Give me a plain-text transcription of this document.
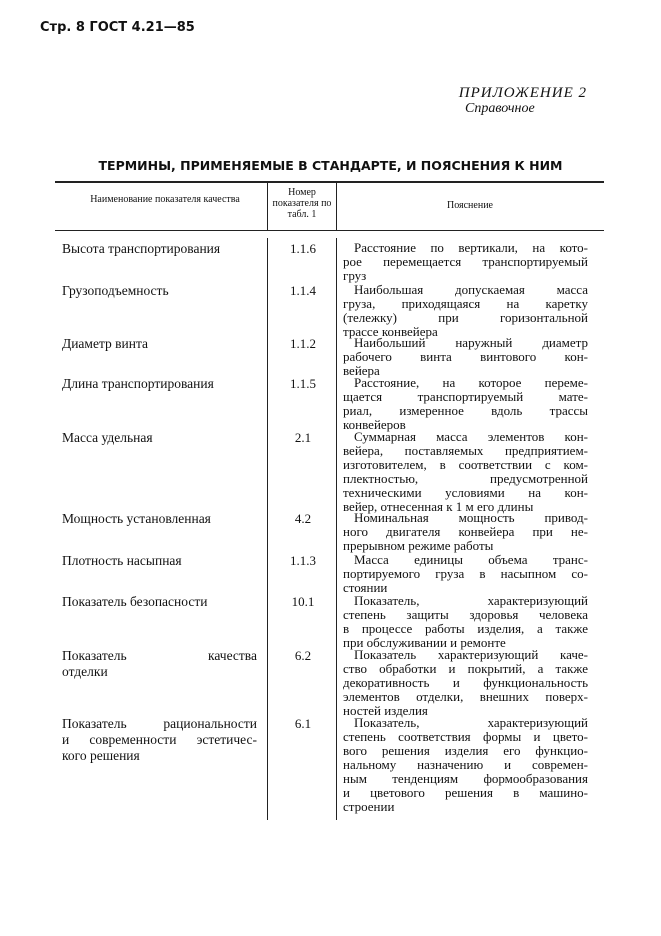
Стр. 8 ГОСТ 4.21—85
ПРИЛОЖЕНИЕ 2
Справочное
ТЕРМИНЫ, ПРИМЕНЯЕМЫЕ В СТАНДАРТЕ, И ПОЯСНЕНИЯ К НИМ
Наименование показателя качества
Номер показателя по табл. 1
Пояснение
Высота транспортирования	1.1.6	Расстояние по вертикали, на кото-
рое перемещается транспортируемый
груз
Грузоподъемность	1.1.4	Наибольшая допускаемая масса
груза, приходящаяся на каретку
(тележку) при горизонтальной
трассе конвейера
Диаметр винта	1.1.2	Наибольший наружный диаметр
рабочего винта винтового кон-
вейера
Длина транспортирования	1.1.5	Расстояние, на которое переме-
щается транспортируемый мате-
риал, измеренное вдоль трассы
конвейеров
Масса удельная	2.1	Суммарная масса элементов кон-
вейера, поставляемых предприятием-
изготовителем, в соответствии с ком-
плектностью, предусмотренной
техническими условиями на кон-
вейер, отнесенная к 1 м его длины
Мощность установленная	4.2	Номинальная мощность привод-
ного двигателя конвейера при не-
прерывном режиме работы
Плотность насыпная	1.1.3	Масса единицы объема транс-
портируемого груза в насыпном со-
стоянии
Показатель безопасности	10.1	Показатель, характеризующий
степень защиты здоровья человека
в процессе работы изделия, а также
при обслуживании и ремонте
Показатель качества
отделки
6.2	Показатель характеризующий каче-
ство обработки и покрытий, а также
декоративность и функциональность
элементов отделки, внешних поверх-
ностей изделия
Показатель рациональности
и современности эстетичес-
кого решения
6.1	Показатель, характеризующий
степень соответствия формы и цвето-
вого решения изделия его функцио-
нальному назначению и современ-
ным тенденциям формообразования
и цветового решения в машино-
строении
